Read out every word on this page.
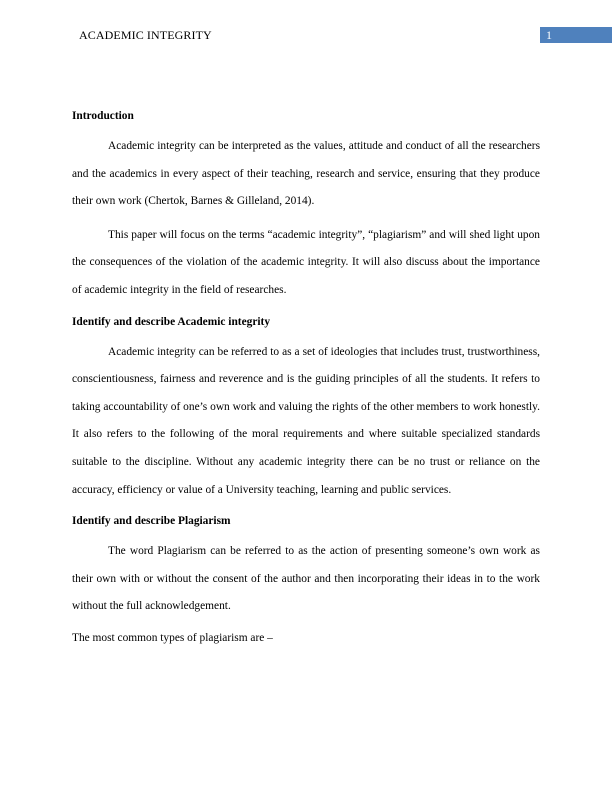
ACADEMIC INTEGRITY	1
Introduction

Academic integrity can be interpreted as the values, attitude and conduct of all the researchers and the academics in every aspect of their teaching, research and service, ensuring that they produce their own work (Chertok, Barnes & Gilleland, 2014).

This paper will focus on the terms “academic integrity”, “plagiarism” and will shed light upon the consequences of the violation of the academic integrity. It will also discuss about the importance of academic integrity in the field of researches.

Identify and describe Academic integrity

Academic integrity can be referred to as a set of ideologies that includes trust, trustworthiness, conscientiousness, fairness and reverence and is the guiding principles of all the students. It refers to taking accountability of one’s own work and valuing the rights of the other members to work honestly. It also refers to the following of the moral requirements and where suitable specialized standards suitable to the discipline. Without any academic integrity there can be no trust or reliance on the accuracy, efficiency or value of a University teaching, learning and public services.

Identify and describe Plagiarism

The word Plagiarism can be referred to as the action of presenting someone’s own work as their own with or without the consent of the author and then incorporating their ideas in to the work without the full acknowledgement.

The most common types of plagiarism are –
